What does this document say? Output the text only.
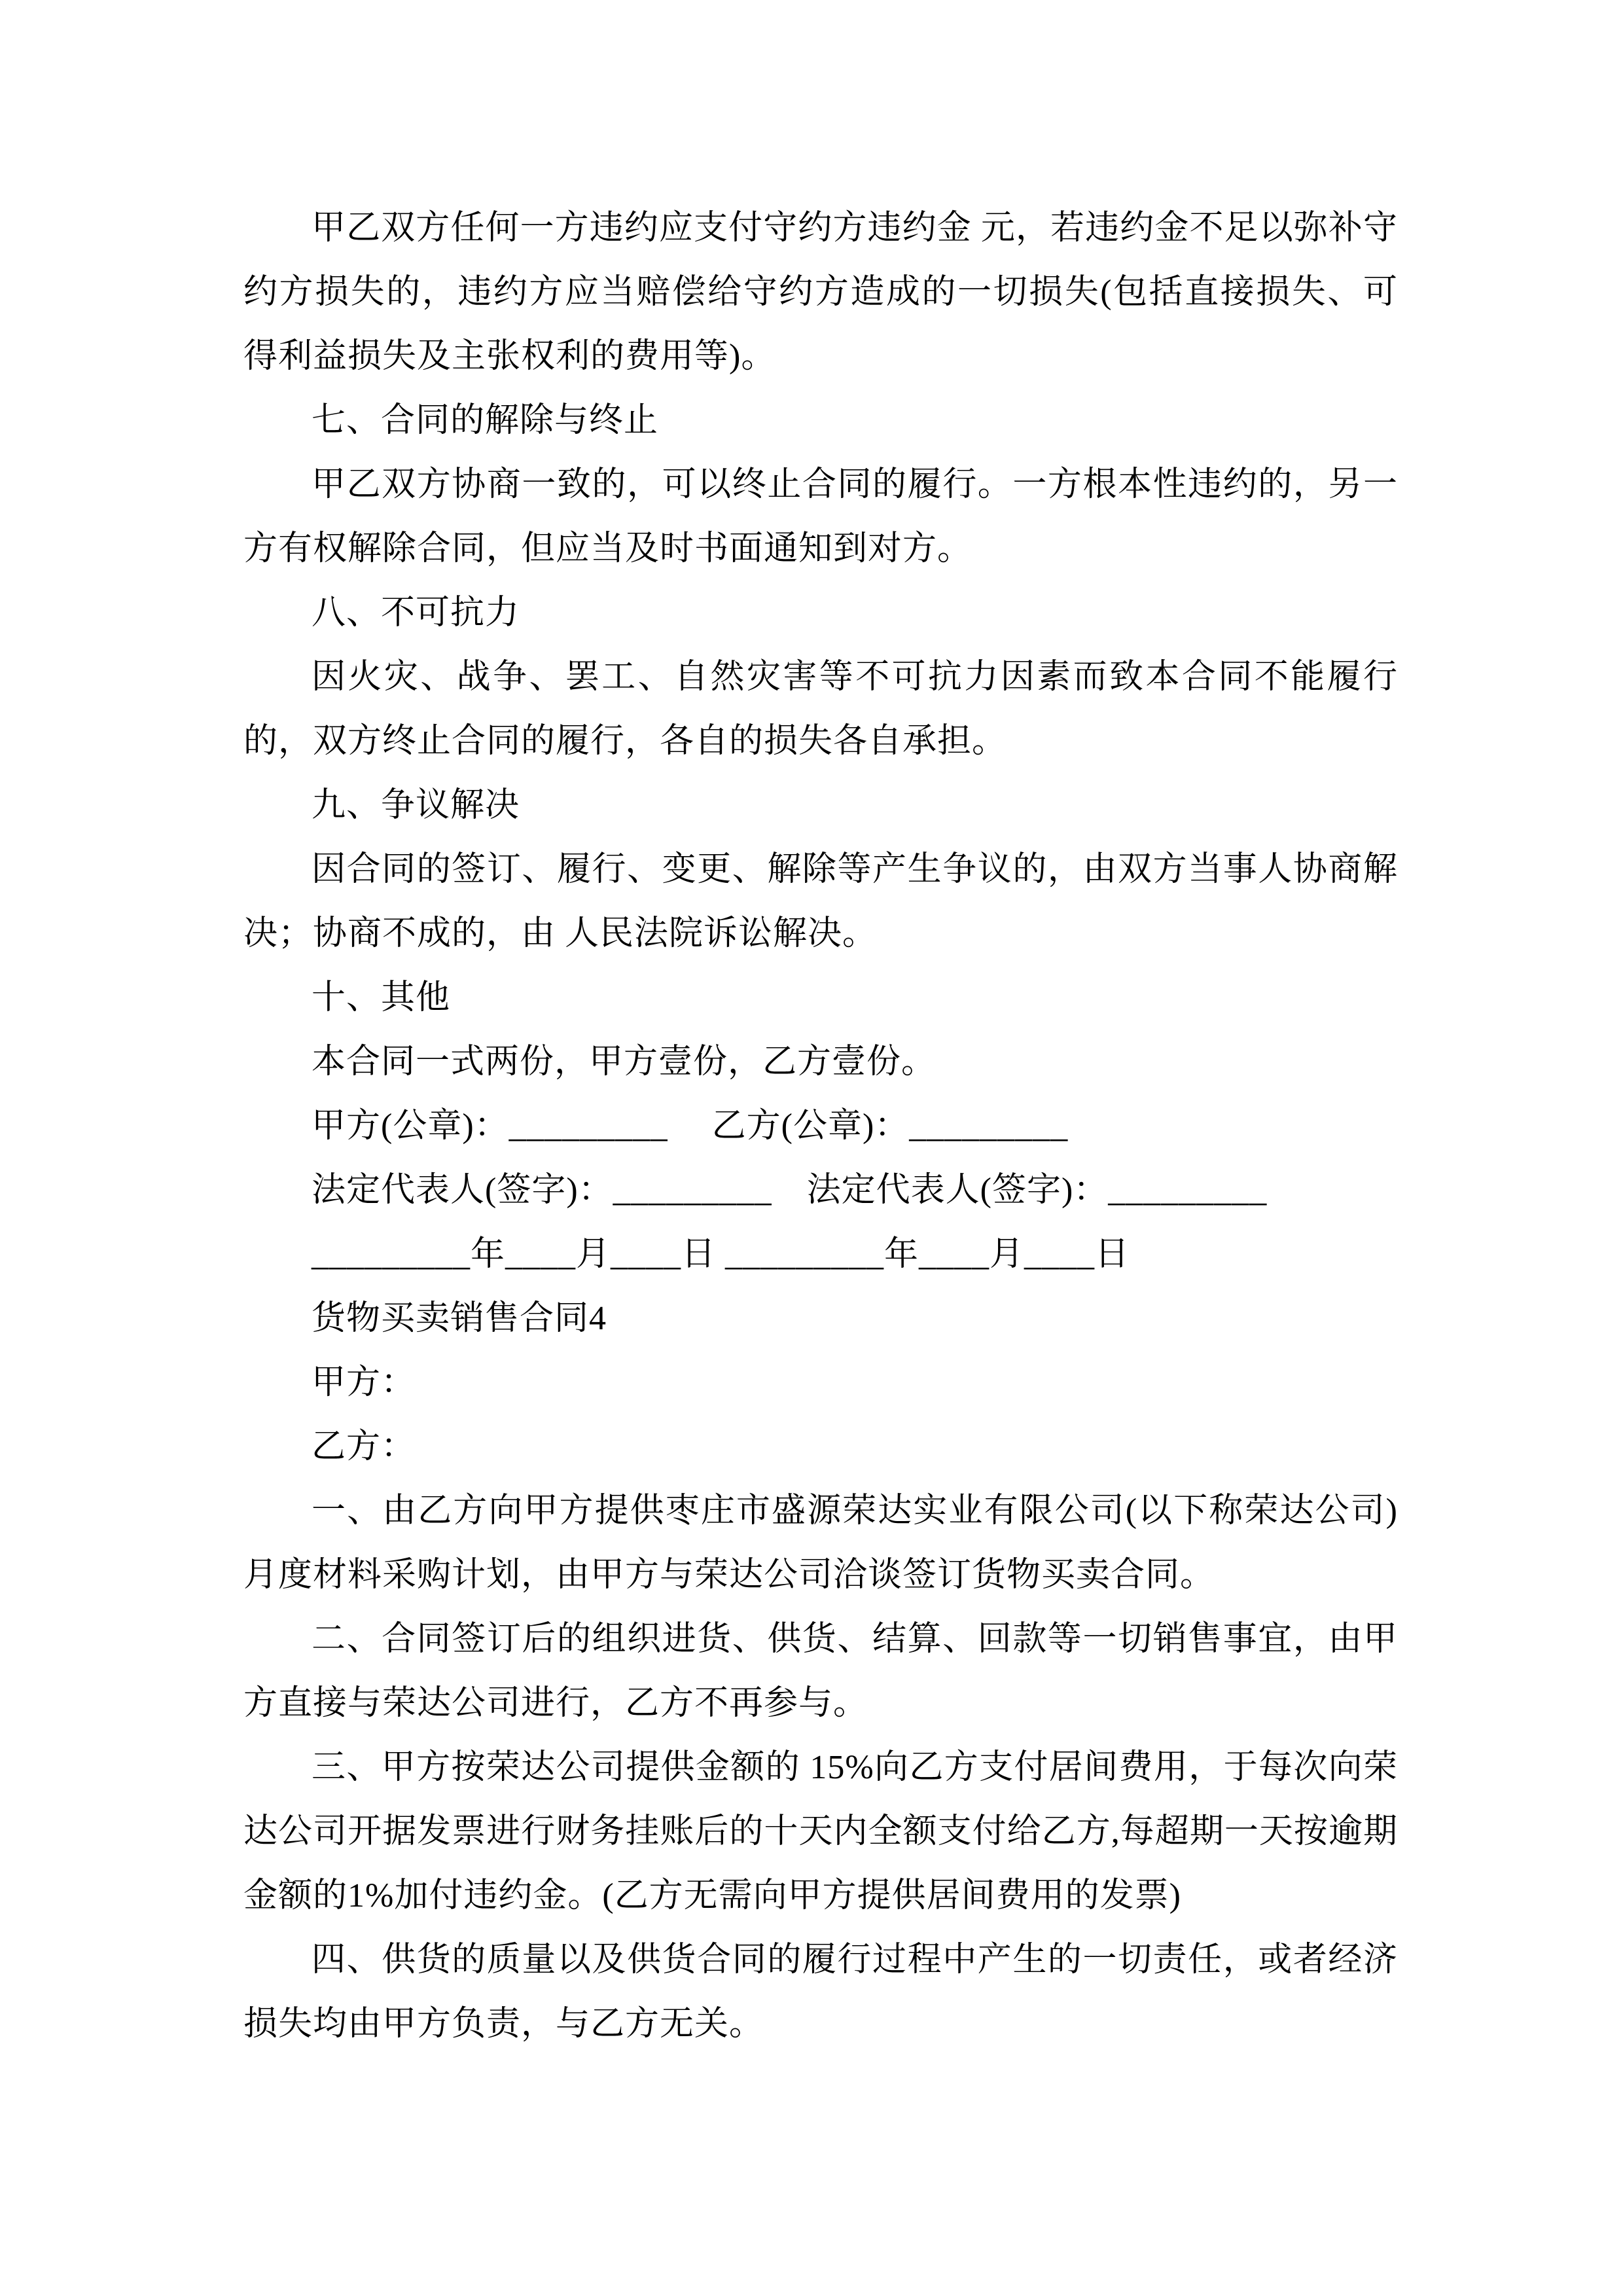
甲乙双方任何一方违约应支付守约方违约金 元，若违约金不足以弥补守约方损失的，违约方应当赔偿给守约方造成的一切损失(包括直接损失、可得利益损失及主张权利的费用等)。

七、合同的解除与终止

甲乙双方协商一致的，可以终止合同的履行。一方根本性违约的，另一方有权解除合同，但应当及时书面通知到对方。

八、不可抗力

因火灾、战争、罢工、自然灾害等不可抗力因素而致本合同不能履行的，双方终止合同的履行，各自的损失各自承担。

九、争议解决

因合同的签订、履行、变更、解除等产生争议的，由双方当事人协商解决；协商不成的，由 人民法院诉讼解决。

十、其他

本合同一式两份，甲方壹份，乙方壹份。

甲方(公章)：_________　 乙方(公章)：_________

法定代表人(签字)：_________　法定代表人(签字)：_________

_________年____月____日 _________年____月____日

货物买卖销售合同4

甲方：

乙方：

一、由乙方向甲方提供枣庄市盛源荣达实业有限公司(以下称荣达公司)月度材料采购计划，由甲方与荣达公司洽谈签订货物买卖合同。

二、合同签订后的组织进货、供货、结算、回款等一切销售事宜，由甲方直接与荣达公司进行，乙方不再参与。

三、甲方按荣达公司提供金额的 15%向乙方支付居间费用，于每次向荣达公司开据发票进行财务挂账后的十天内全额支付给乙方,每超期一天按逾期金额的1%加付违约金。(乙方无需向甲方提供居间费用的发票)

四、供货的质量以及供货合同的履行过程中产生的一切责任，或者经济损失均由甲方负责，与乙方无关。
